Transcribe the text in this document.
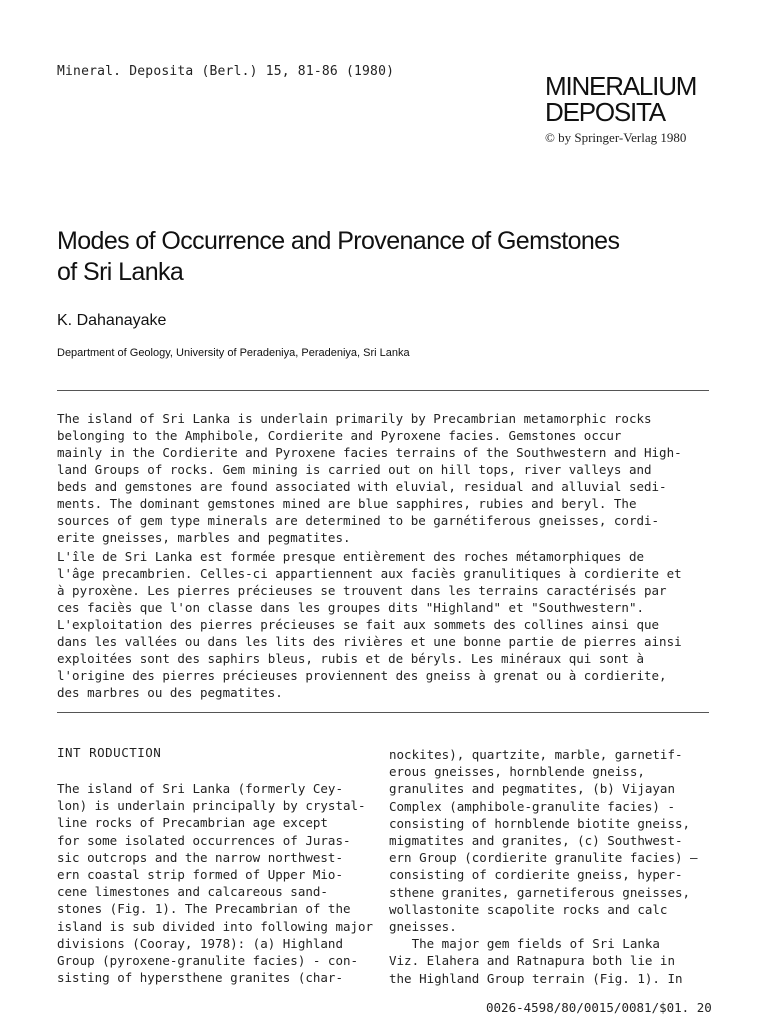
Mineral. Deposita (Berl.) 15, 81-86 (1980)	MINERALIUM
DEPOSITA
© by Springer-Verlag 1980
Modes of Occurrence and Provenance of Gemstones
of Sri Lanka
K. Dahanayake
Department of Geology, University of Peradeniya, Peradeniya, Sri Lanka
The island of Sri Lanka is underlain primarily by Precambrian metamorphic rocks
belonging to the Amphibole, Cordierite and Pyroxene facies. Gemstones occur
mainly in the Cordierite and Pyroxene facies terrains of the Southwestern and High-
land Groups of rocks. Gem mining is carried out on hill tops, river valleys and
beds and gemstones are found associated with eluvial, residual and alluvial sedi-
ments. The dominant gemstones mined are blue sapphires, rubies and beryl. The
sources of gem type minerals are determined to be garnétiferous gneisses, cordi-
erite gneisses, marbles and pegmatites.
L'île de Sri Lanka est formée presque entièrement des roches métamorphiques de
l'âge precambrien. Celles-ci appartiennent aux faciès granulitiques à cordierite et
à pyroxène. Les pierres précieuses se trouvent dans les terrains caractérisés par
ces faciès que l'on classe dans les groupes dits "Highland" et "Southwestern".
L'exploitation des pierres précieuses se fait aux sommets des collines ainsi que
dans les vallées ou dans les lits des rivières et une bonne partie de pierres ainsi
exploitées sont des saphirs bleus, rubis et de béryls. Les minéraux qui sont à
l'origine des pierres précieuses proviennent des gneiss à grenat ou à cordierite,
des marbres ou des pegmatites.
INT RODUCTION
The island of Sri Lanka (formerly Cey-
lon) is underlain principally by crystal-
line rocks of Precambrian age except
for some isolated occurrences of Juras-
sic outcrops and the narrow northwest-
ern coastal strip formed of Upper Mio-
cene limestones and calcareous sand-
stones (Fig. 1). The Precambrian of the
island is sub divided into following major
divisions (Cooray, 1978): (a) Highland
Group (pyroxene-granulite facies) - con-
sisting of hypersthene granites (char-
nockites), quartzite, marble, garnetif-
erous gneisses, hornblende gneiss,
granulites and pegmatites, (b) Vijayan
Complex (amphibole-granulite facies) -
consisting of hornblende biotite gneiss,
migmatites and granites, (c) Southwest-
ern Group (cordierite granulite facies) —
consisting of cordierite gneiss, hyper-
sthene granites, garnetiferous gneisses,
wollastonite scapolite rocks and calc
gneisses.
The major gem fields of Sri Lanka
Viz. Elahera and Ratnapura both lie in
the Highland Group terrain (Fig. 1). In
0026-4598/80/0015/0081/$01. 20
